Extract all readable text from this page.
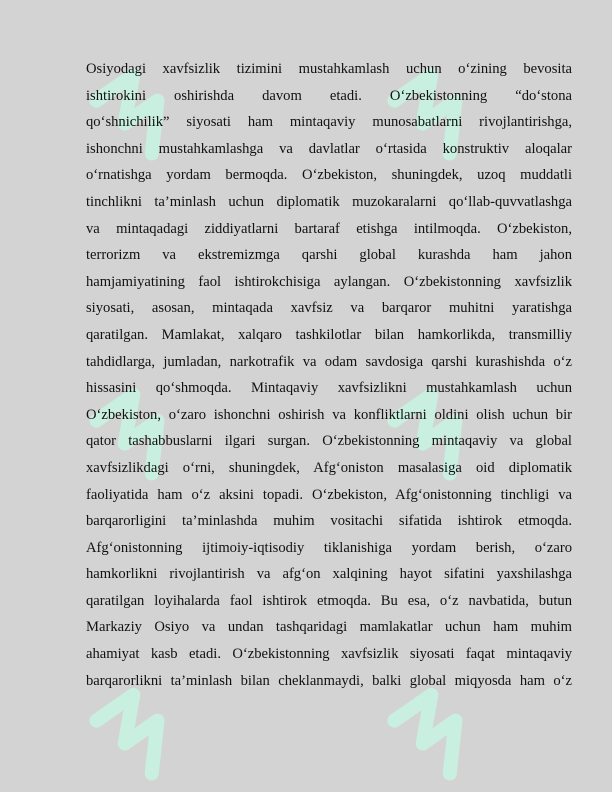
Osiyodagi xavfsizlik tizimini mustahkamlash uchun o‘zining bevosita
ishtirokini oshirishda davom etadi. O‘zbekistonning “do‘stona
qo‘shnichilik” siyosati ham mintaqaviy munosabatlarni rivojlantirishga,
ishonchni mustahkamlashga va davlatlar o‘rtasida konstruktiv aloqalar
o‘rnatishga yordam bermoqda. O‘zbekiston, shuningdek, uzoq muddatli
tinchlikni ta’minlash uchun diplomatik muzokaralarni qo‘llab-quvvatlashga
va mintaqadagi ziddiyatlarni bartaraf etishga intilmoqda. O‘zbekiston,
terrorizm va ekstremizmga qarshi global kurashda ham jahon
hamjamiyatining faol ishtirokchisiga aylangan. O‘zbekistonning xavfsizlik
siyosati, asosan, mintaqada xavfsiz va barqaror muhitni yaratishga
qaratilgan. Mamlakat, xalqaro tashkilotlar bilan hamkorlikda, transmilliy
tahdidlarga, jumladan, narkotrafik va odam savdosiga qarshi kurashishda o‘z
hissasini qo‘shmoqda. Mintaqaviy xavfsizlikni mustahkamlash uchun
O‘zbekiston, o‘zaro ishonchni oshirish va konfliktlarni oldini olish uchun bir
qator tashabbuslarni ilgari surgan. O‘zbekistonning mintaqaviy va global
xavfsizlikdagi o‘rni, shuningdek, Afg‘oniston masalasiga oid diplomatik
faoliyatida ham o‘z aksini topadi. O‘zbekiston, Afg‘onistonning tinchligi va
barqarorligini ta’minlashda muhim vositachi sifatida ishtirok etmoqda.
Afg‘onistonning ijtimoiy-iqtisodiy tiklanishiga yordam berish, o‘zaro
hamkorlikni rivojlantirish va afg‘on xalqining hayot sifatini yaxshilashga
qaratilgan loyihalarda faol ishtirok etmoqda. Bu esa, o‘z navbatida, butun
Markaziy Osiyo va undan tashqaridagi mamlakatlar uchun ham muhim
ahamiyat kasb etadi. O‘zbekistonning xavfsizlik siyosati faqat mintaqaviy
barqarorlikni ta’minlash bilan cheklanmaydi, balki global miqyosda ham o‘z
